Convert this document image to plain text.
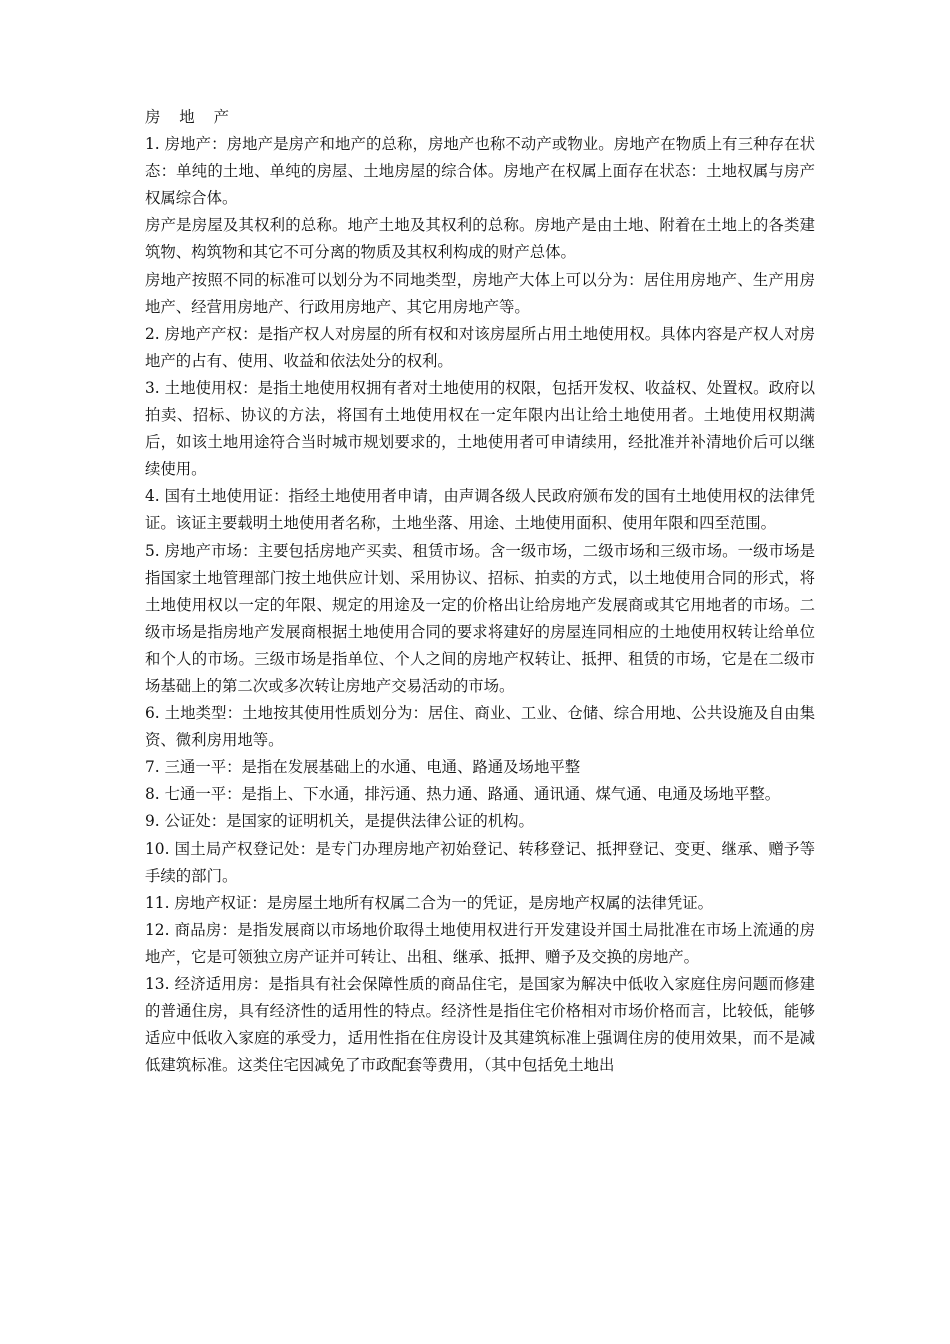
房 地 产

1. 房地产：房地产是房产和地产的总称，房地产也称不动产或物业。房地产在物质上有三种存在状态：单纯的土地、单纯的房屋、土地房屋的综合体。房地产在权属上面存在状态：土地权属与房产权属综合体。

房产是房屋及其权利的总称。地产土地及其权利的总称。房地产是由土地、附着在土地上的各类建筑物、构筑物和其它不可分离的物质及其权利构成的财产总体。

房地产按照不同的标准可以划分为不同地类型，房地产大体上可以分为：居住用房地产、生产用房地产、经营用房地产、行政用房地产、其它用房地产等。

2. 房地产产权：是指产权人对房屋的所有权和对该房屋所占用土地使用权。具体内容是产权人对房地产的占有、使用、收益和依法处分的权利。

3. 土地使用权：是指土地使用权拥有者对土地使用的权限，包括开发权、收益权、处置权。政府以拍卖、招标、协议的方法，将国有土地使用权在一定年限内出让给土地使用者。土地使用权期满后，如该土地用途符合当时城市规划要求的，土地使用者可申请续用，经批准并补清地价后可以继续使用。

4. 国有土地使用证：指经土地使用者申请，由声调各级人民政府颁布发的国有土地使用权的法律凭证。该证主要载明土地使用者名称，土地坐落、用途、土地使用面积、使用年限和四至范围。

5. 房地产市场：主要包括房地产买卖、租赁市场。含一级市场，二级市场和三级市场。一级市场是指国家土地管理部门按土地供应计划、采用协议、招标、拍卖的方式，以土地使用合同的形式，将土地使用权以一定的年限、规定的用途及一定的价格出让给房地产发展商或其它用地者的市场。二级市场是指房地产发展商根据土地使用合同的要求将建好的房屋连同相应的土地使用权转让给单位和个人的市场。三级市场是指单位、个人之间的房地产权转让、抵押、租赁的市场，它是在二级市场基础上的第二次或多次转让房地产交易活动的市场。

6. 土地类型：土地按其使用性质划分为：居住、商业、工业、仓储、综合用地、公共设施及自由集资、微利房用地等。

7. 三通一平：是指在发展基础上的水通、电通、路通及场地平整

8. 七通一平：是指上、下水通，排污通、热力通、路通、通讯通、煤气通、电通及场地平整。

9. 公证处：是国家的证明机关，是提供法律公证的机构。

10. 国土局产权登记处：是专门办理房地产初始登记、转移登记、抵押登记、变更、继承、赠予等手续的部门。

11. 房地产权证：是房屋土地所有权属二合为一的凭证，是房地产权属的法律凭证。

12. 商品房：是指发展商以市场地价取得土地使用权进行开发建设并国土局批准在市场上流通的房地产，它是可领独立房产证并可转让、出租、继承、抵押、赠予及交换的房地产。

13. 经济适用房：是指具有社会保障性质的商品住宅，是国家为解决中低收入家庭住房问题而修建的普通住房，具有经济性的适用性的特点。经济性是指住宅价格相对市场价格而言，比较低，能够适应中低收入家庭的承受力，适用性指在住房设计及其建筑标准上强调住房的使用效果，而不是减低建筑标准。这类住宅因减免了市政配套等费用，（其中包括免土地出
